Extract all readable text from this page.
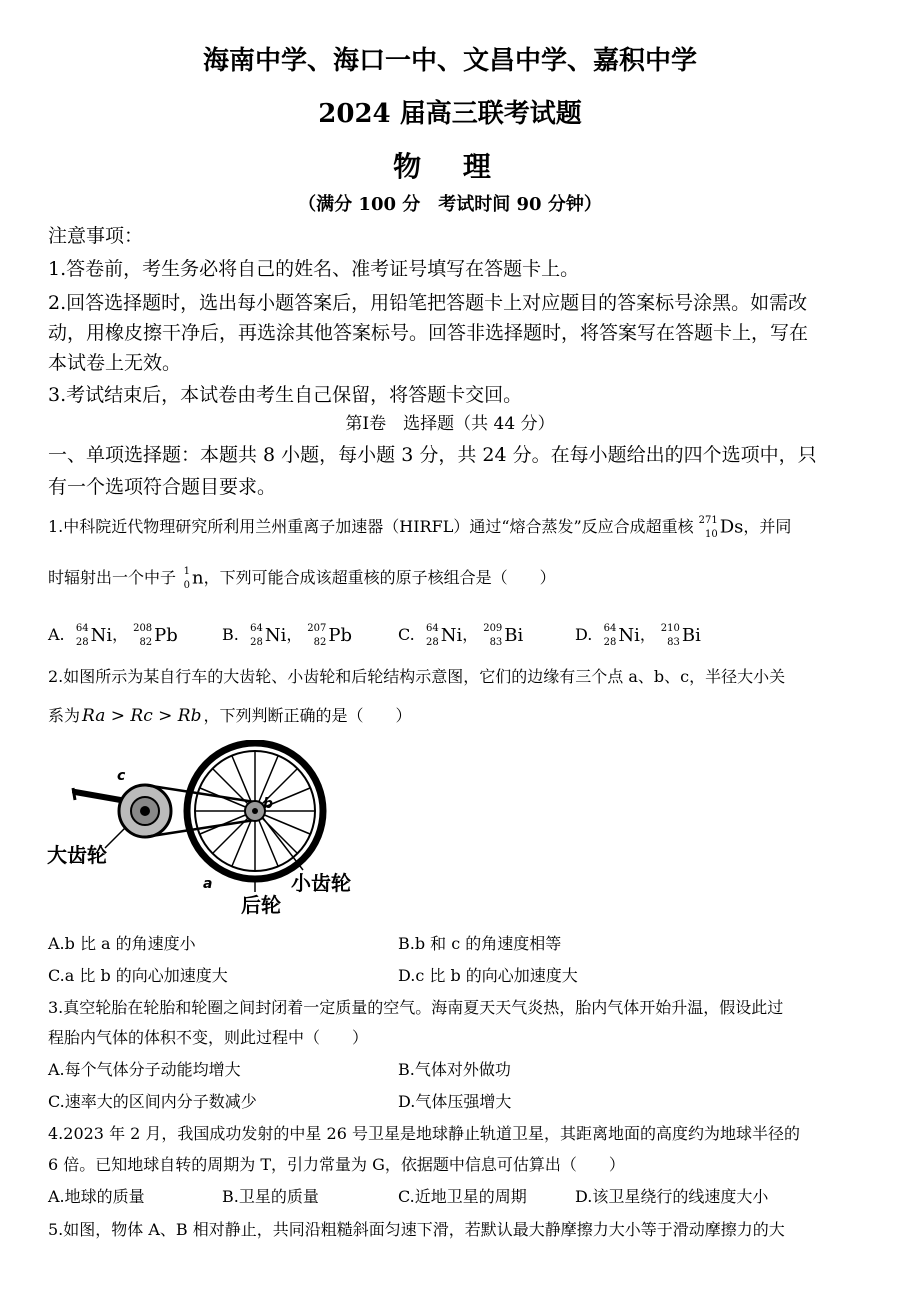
海南中学、海口一中、文昌中学、嘉积中学
2024 届高三联考试题
物 理
（满分 100 分　考试时间 90 分钟）
注意事项：
1.答卷前，考生务必将自己的姓名、准考证号填写在答题卡上。
2.回答选择题时，选出每小题答案后，用铅笔把答题卡上对应题目的答案标号涂黑。如需改
动，用橡皮擦干净后，再选涂其他答案标号。回答非选择题时，将答案写在答题卡上，写在
本试卷上无效。
3.考试结束后，本试卷由考生自己保留，将答题卡交回。
第Ⅰ卷　选择题（共 44 分）
一、单项选择题：本题共 8 小题，每小题 3 分，共 24 分。在每小题给出的四个选项中，只
有一个选项符合题目要求。
1.中科院近代物理研究所利用兰州重离子加速器（HIRFL）通过“熔合蒸发”反应合成超重核 271
10 Ds，并同
时辐射出一个中子 1
0 n，下列可能合成该超重核的原子核组合是（　　）
A. 64
28 Ni， 208
82 Pb	B. 64
28 Ni， 207
82 Pb	C. 64
28 Ni， 209
83 Bi	D. 64
28 Ni， 210
83 Bi
2.如图所示为某自行车的大齿轮、小齿轮和后轮结构示意图，它们的边缘有三个点 a、b、c，半径大小关
系为 Ra > Rc > Rb ，下列判断正确的是（　　）
c
b
a
大齿轮
小齿轮
后轮
A.b 比 a 的角速度小	B.b 和 c 的角速度相等
C.a 比 b 的向心加速度大	D.c 比 b 的向心加速度大
3.真空轮胎在轮胎和轮圈之间封闭着一定质量的空气。海南夏天天气炎热，胎内气体开始升温，假设此过
程胎内气体的体积不变，则此过程中（　　）
A.每个气体分子动能均增大	B.气体对外做功
C.速率大的区间内分子数减少	D.气体压强增大
4.2023 年 2 月，我国成功发射的中星 26 号卫星是地球静止轨道卫星，其距离地面的高度约为地球半径的
6 倍。已知地球自转的周期为 T，引力常量为 G，依据题中信息可估算出（　　）
A.地球的质量	B.卫星的质量	C.近地卫星的周期	D.该卫星绕行的线速度大小
5.如图，物体 A、B 相对静止，共同沿粗糙斜面匀速下滑，若默认最大静摩擦力大小等于滑动摩擦力的大
